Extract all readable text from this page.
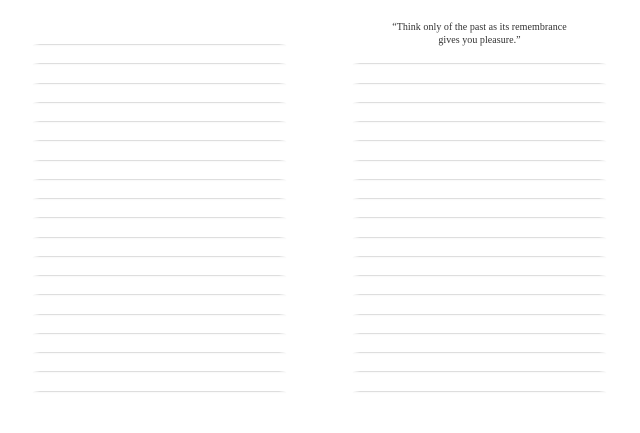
“Think only of the past as its remembrance
gives you pleasure.”
